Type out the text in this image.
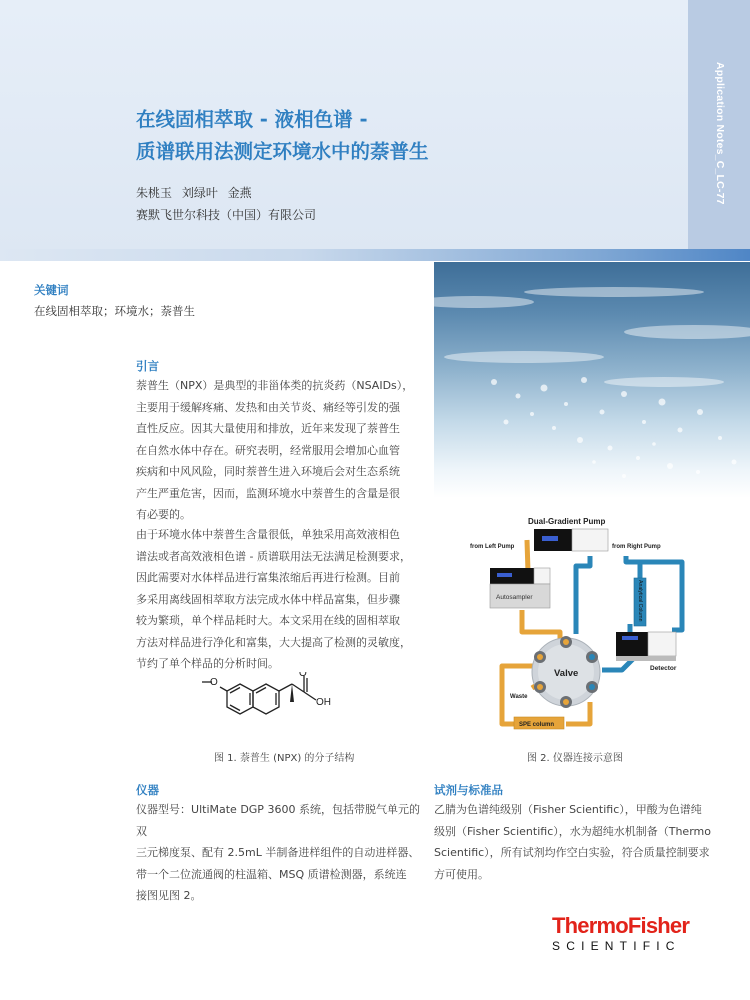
Application Notes_C_LC-77
在线固相萃取 - 液相色谱 -
质谱联用法测定环境水中的萘普生
朱桃玉 刘绿叶 金燕
赛默飞世尔科技（中国）有限公司
关键词
在线固相萃取；环境水；萘普生
引言
萘普生（NPX）是典型的非甾体类的抗炎药（NSAIDs），
主要用于缓解疼痛、发热和由关节炎、痛经等引发的强
直性反应。因其大量使用和排放，近年来发现了萘普生
在自然水体中存在。研究表明，经常服用会增加心血管
疾病和中风风险，同时萘普生进入环境后会对生态系统
产生严重危害，因而，监测环境水中萘普生的含量是很
有必要的。
由于环境水体中萘普生含量很低，单独采用高效液相色
谱法或者高效液相色谱 - 质谱联用法无法满足检测要求，
因此需要对水体样品进行富集浓缩后再进行检测。目前
多采用离线固相萃取方法完成水体中样品富集，但步骤
较为繁琐，单个样品耗时大。本文采用在线的固相萃取
方法对样品进行净化和富集，大大提高了检测的灵敏度，
节约了单个样品的分析时间。
Dual-Gradient Pump
from Left Pump	from Right Pump
Autosampler	Analytical Column
Detector
Valve
Waste
SPE column
图 2. 仪器连接示意图
O
O
OH
图 1. 萘普生 (NPX) 的分子结构
仪器
仪器型号：UltiMate DGP 3600 系统，包括带脱气单元的双
三元梯度泵、配有 2.5mL 半制备进样组件的自动进样器、
带一个二位流通阀的柱温箱、MSQ 质谱检测器，系统连
接图见图 2。
试剂与标准品
乙腈为色谱纯级别（Fisher Scientific），甲酸为色谱纯
级别（Fisher Scientific），水为超纯水机制备（Thermo
Scientific），所有试剂均作空白实验，符合质量控制要求
方可使用。
ThermoFisher
SCIENTIFIC
